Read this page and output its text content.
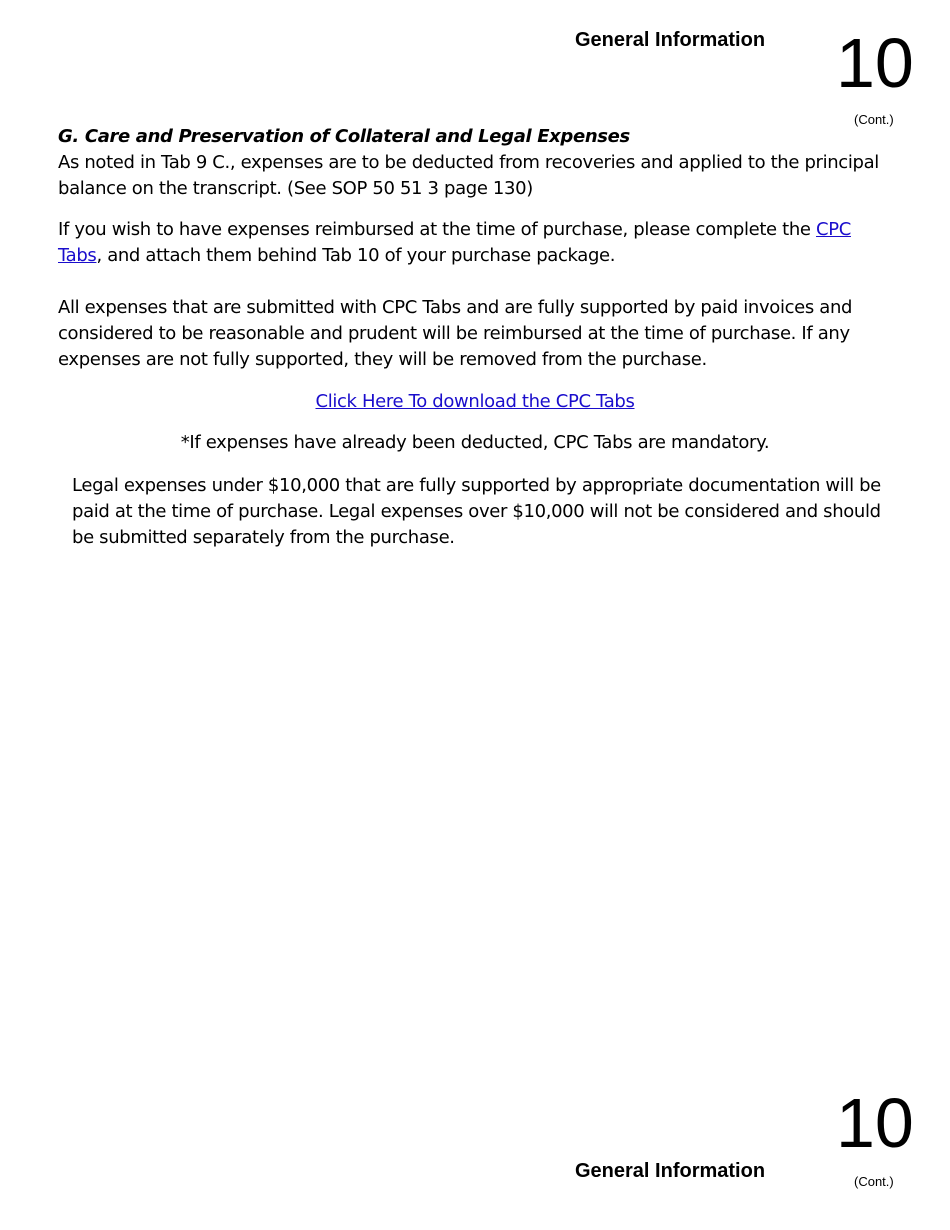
General Information 10
(Cont.)
G. Care and Preservation of Collateral and Legal Expenses
As noted in Tab 9 C., expenses are to be deducted from recoveries and applied to the principal balance on the transcript. (See SOP 50 51 3 page 130)
If you wish to have expenses reimbursed at the time of purchase, please complete the CPC Tabs, and attach them behind Tab 10 of your purchase package.
All expenses that are submitted with CPC Tabs and are fully supported by paid invoices and considered to be reasonable and prudent will be reimbursed at the time of purchase. If any expenses are not fully supported, they will be removed from the purchase.
Click Here To download the CPC Tabs
*If expenses have already been deducted, CPC Tabs are mandatory.
Legal expenses under $10,000 that are fully supported by appropriate documentation will be paid at the time of purchase. Legal expenses over $10,000 will not be considered and should be submitted separately from the purchase.
10
General Information	(Cont.)
